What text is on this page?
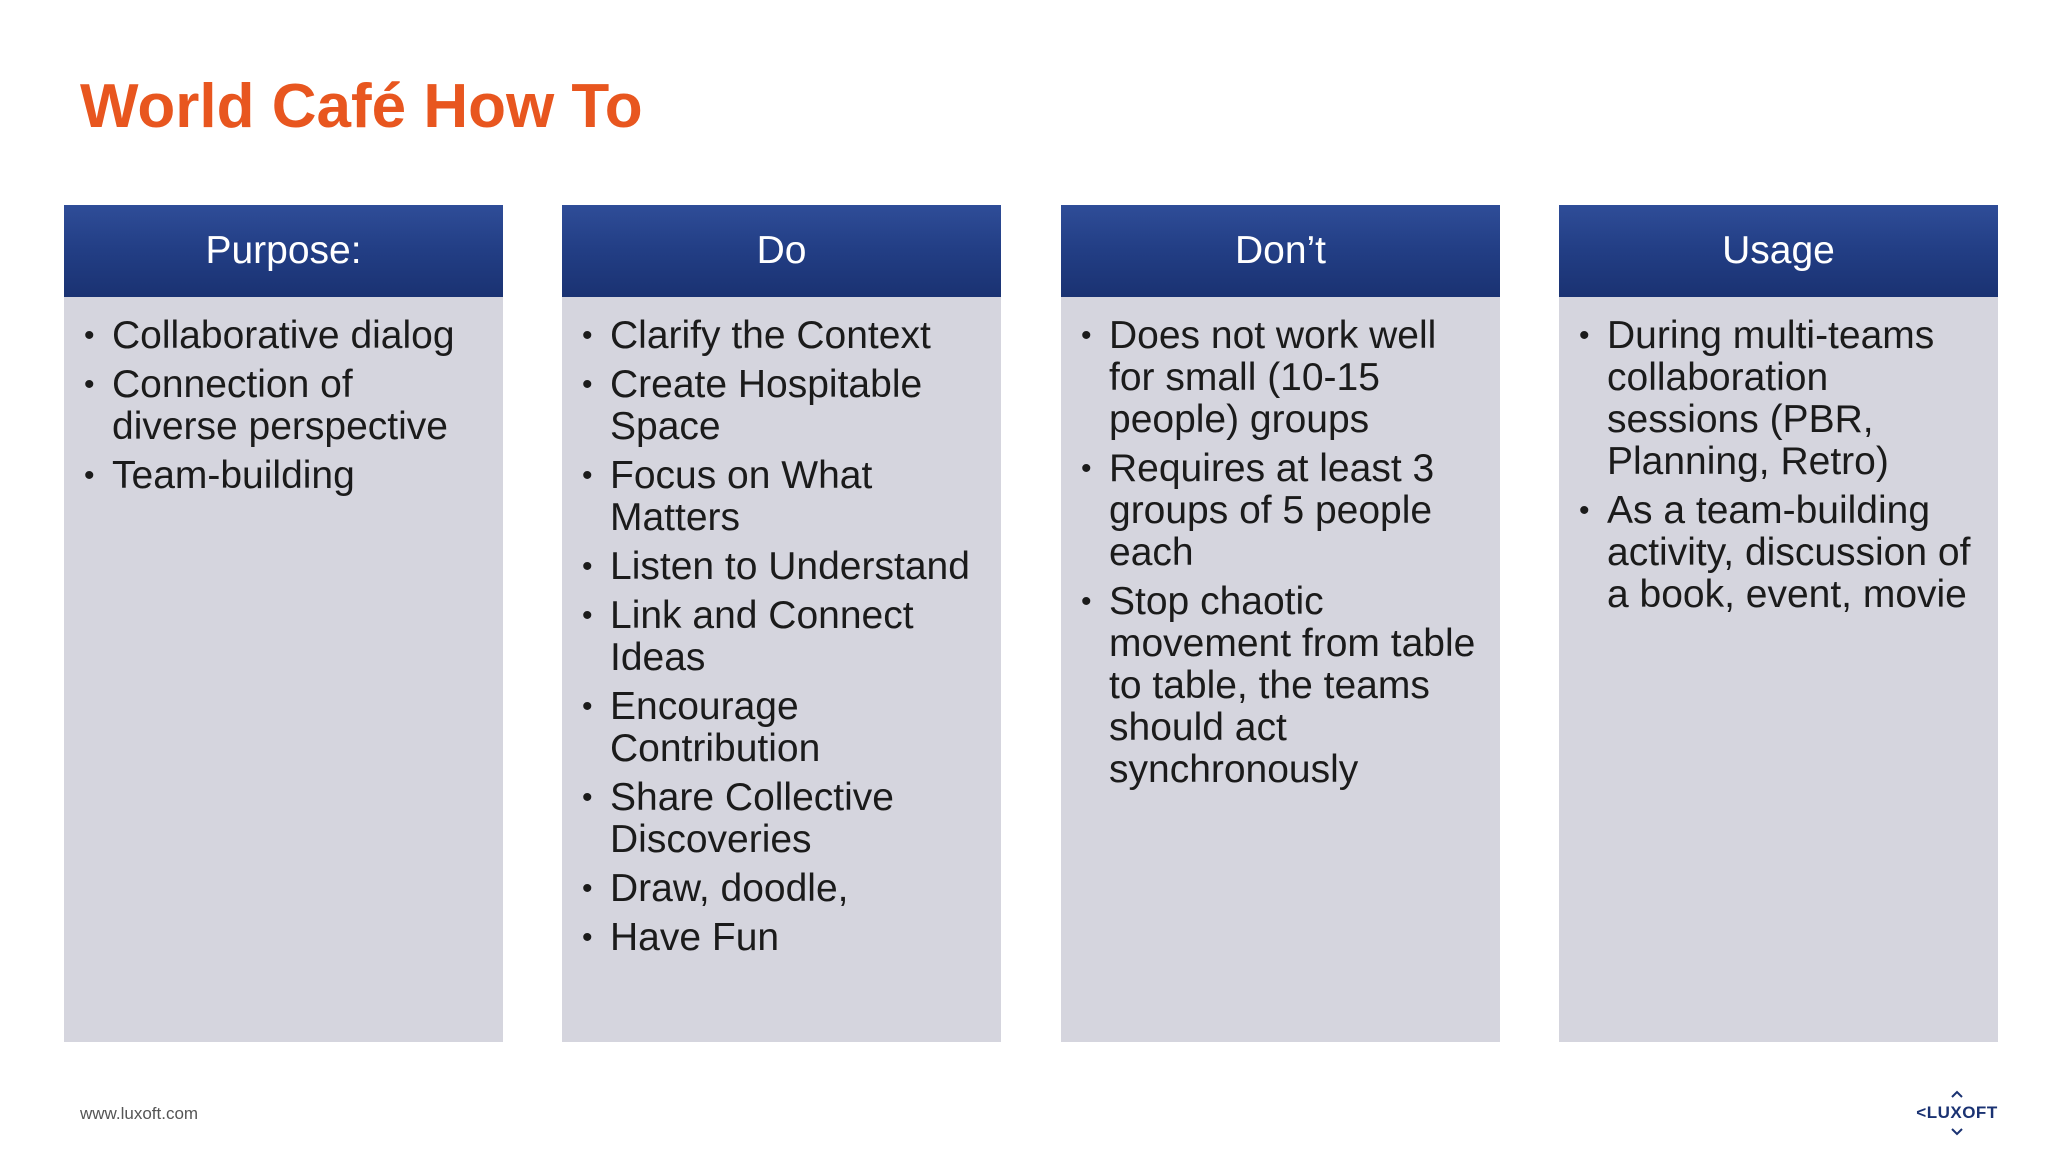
World Café How To
Purpose:
• Collaborative dialog
• Connection of diverse perspective
• Team-building
Do
• Clarify the Context
• Create Hospitable Space
• Focus on What Matters
• Listen to Understand
• Link and Connect Ideas
• Encourage Contribution
• Share Collective Discoveries
• Draw, doodle,
• Have Fun
Don’t
• Does not work well for small (10-15 people) groups
• Requires at least 3 groups of 5 people each
• Stop chaotic movement from table to table, the teams should act synchronously
Usage
• During multi-teams collaboration sessions (PBR, Planning, Retro)
• As a team-building activity, discussion of a book, event, movie
www.luxoft.com	<LUXOFT
